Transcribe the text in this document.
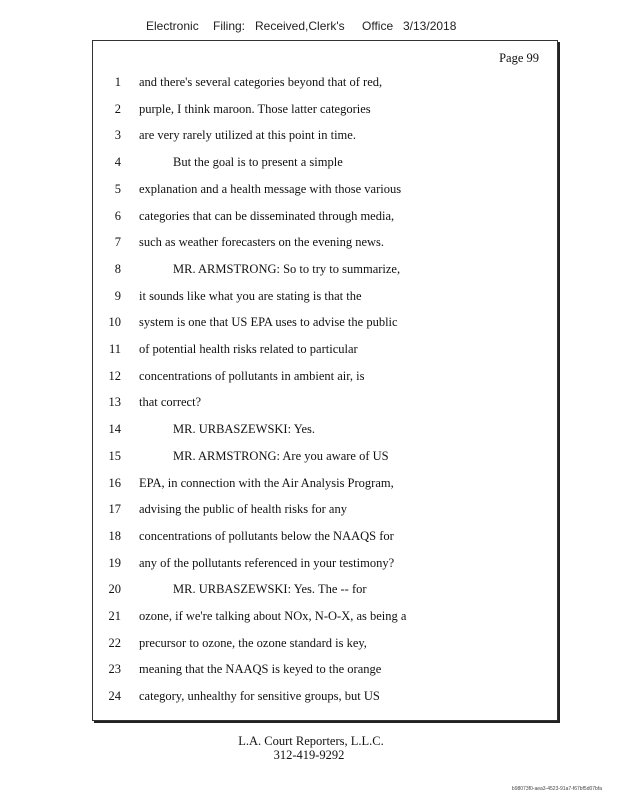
Electronic Filing: Received,Clerk's Office 3/13/2018
Page 99
1 and there's several categories beyond that of red,
2 purple, I think maroon. Those latter categories
3 are very rarely utilized at this point in time.
4	But the goal is to present a simple
5 explanation and a health message with those various
6 categories that can be disseminated through media,
7 such as weather forecasters on the evening news.
8	MR. ARMSTRONG: So to try to summarize,
9 it sounds like what you are stating is that the
10 system is one that US EPA uses to advise the public
11 of potential health risks related to particular
12 concentrations of pollutants in ambient air, is
13 that correct?
14	MR. URBASZEWSKI: Yes.
15	MR. ARMSTRONG: Are you aware of US
16 EPA, in connection with the Air Analysis Program,
17 advising the public of health risks for any
18 concentrations of pollutants below the NAAQS for
19 any of the pollutants referenced in your testimony?
20	MR. URBASZEWSKI: Yes. The -- for
21 ozone, if we're talking about NOx, N-O-X, as being a
22 precursor to ozone, the ozone standard is key,
23 meaning that the NAAQS is keyed to the orange
24 category, unhealthy for sensitive groups, but US
L.A. Court Reporters, L.L.C.
312-419-9292
b98073f0-aea3-4523-91a7-f67bf5d07bfa
